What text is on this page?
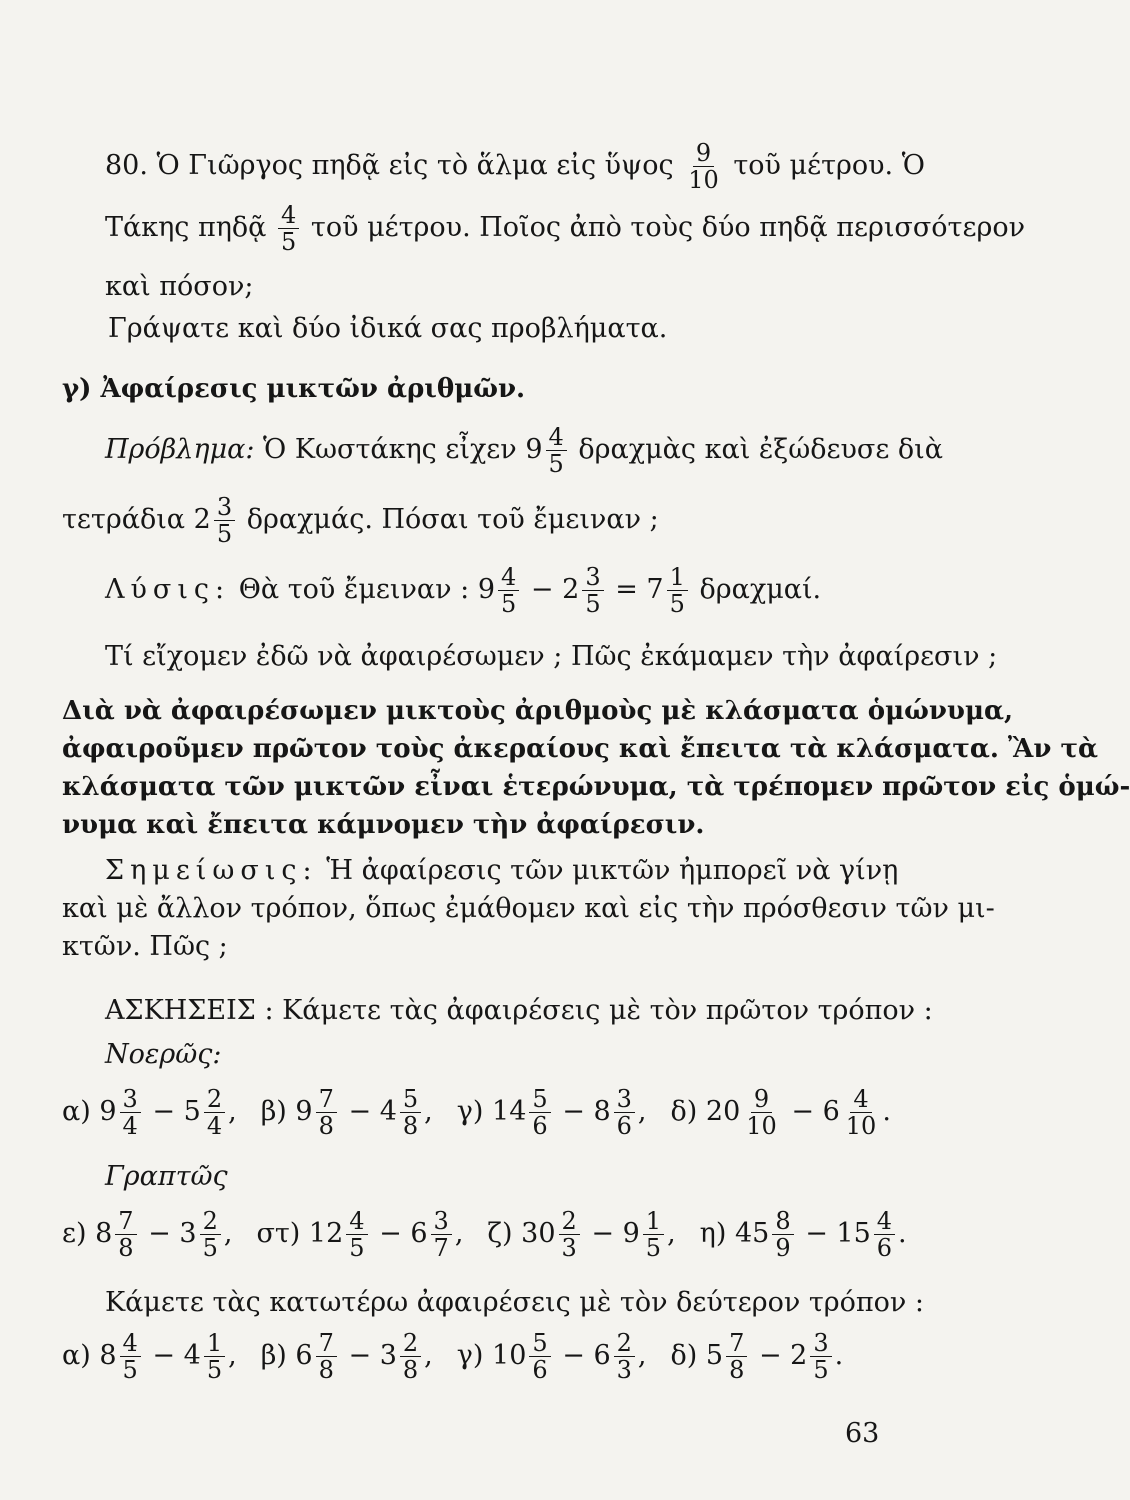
80. Ὁ Γιῶργος πηδᾷ εἰς τὸ ἅλμα εἰς ὕψος $\frac{9}{10}$ τοῦ μέτρου. Ὁ
Τάκης πηδᾷ $\frac{4}{5}$ τοῦ μέτρου. Ποῖος ἀπὸ τοὺς δύο πηδᾷ περισσότερον
καὶ πόσον;
Γράψατε καὶ δύο ἰδικά σας προβλήματα.
γ) Ἀφαίρεσις μικτῶν ἀριθμῶν.
Πρόβλημα: Ὁ Κωστάκης εἶχεν $9 \frac{4}{5}$ δραχμὰς καὶ ἐξώδευσε διὰ
τετράδια $2 \frac{3}{5} \delta\rho\alpha\chi\mu ά\varsigma$. Πόσαι τοῦ ἔμειναν ;
Λύσις: Θὰ τοῦ ἔμειναν : $9 \frac{4}{5} - 2 \frac{3}{5} = 7 \frac{1}{5} \delta\rho\alpha\chi\mu\alpha ί$.
Τί εἴχομεν ἐδῶ νὰ ἀφαιρέσωμεν ; Πῶς ἐκάμαμεν τὴν ἀφαίρεσιν ;
Διὰ νὰ ἀφαιρέσωμεν μικτοὺς ἀριθμοὺς μὲ κλάσματα ὁμώνυμα,
ἀφαιροῦμεν πρῶτον τοὺς ἀκεραίους καὶ ἔπειτα τὰ κλάσματα. Ἂν τὰ
κλάσματα τῶν μικτῶν εἶναι ἑτερώνυμα, τὰ τρέπομεν πρῶτον εἰς ὁμώ-
νυμα καὶ ἔπειτα κάμνομεν τὴν ἀφαίρεσιν.
Σημείωσις: Ἡ ἀφαίρεσις τῶν μικτῶν ἠμπορεῖ νὰ γίνῃ
καὶ μὲ ἄλλον τρόπον, ὅπως ἐμάθομεν καὶ εἰς τὴν πρόσθεσιν τῶν μι-
κτῶν. Πῶς ;
ΑΣΚΗΣΕΙΣ : Κάμετε τὰς ἀφαιρέσεις μὲ τὸν πρῶτον τρόπον :
Νοερῶς:
α) $9 \frac{3}{4} - 5 \frac{2}{4}$ , β) $9 \frac{7}{8} - 4 \frac{5}{8}$ , γ) $14 \frac{5}{6} - 8 \frac{3}{6}$ , δ) $20 \frac{9}{10} - 6 \frac{4}{10}$ .
Γραπτῶς
ε) $8 \frac{7}{8} - 3 \frac{2}{5}$ , στ) $12 \frac{4}{5} - 6 \frac{3}{7}$ , ζ) $30 \frac{2}{3} - 9 \frac{1}{5}$ , η) $45 \frac{8}{9} - 15 \frac{4}{6}$ .
Κάμετε τὰς κατωτέρω ἀφαιρέσεις μὲ τὸν δεύτερον τρόπον :
α) $8 \frac{4}{5} - 4 \frac{1}{5}$ , β) $6 \frac{7}{8} - 3 \frac{2}{8}$ , γ) $10 \frac{5}{6} - 6 \frac{2}{3}$ , δ) $5 \frac{7}{8} - 2 \frac{3}{5}$ .
63
